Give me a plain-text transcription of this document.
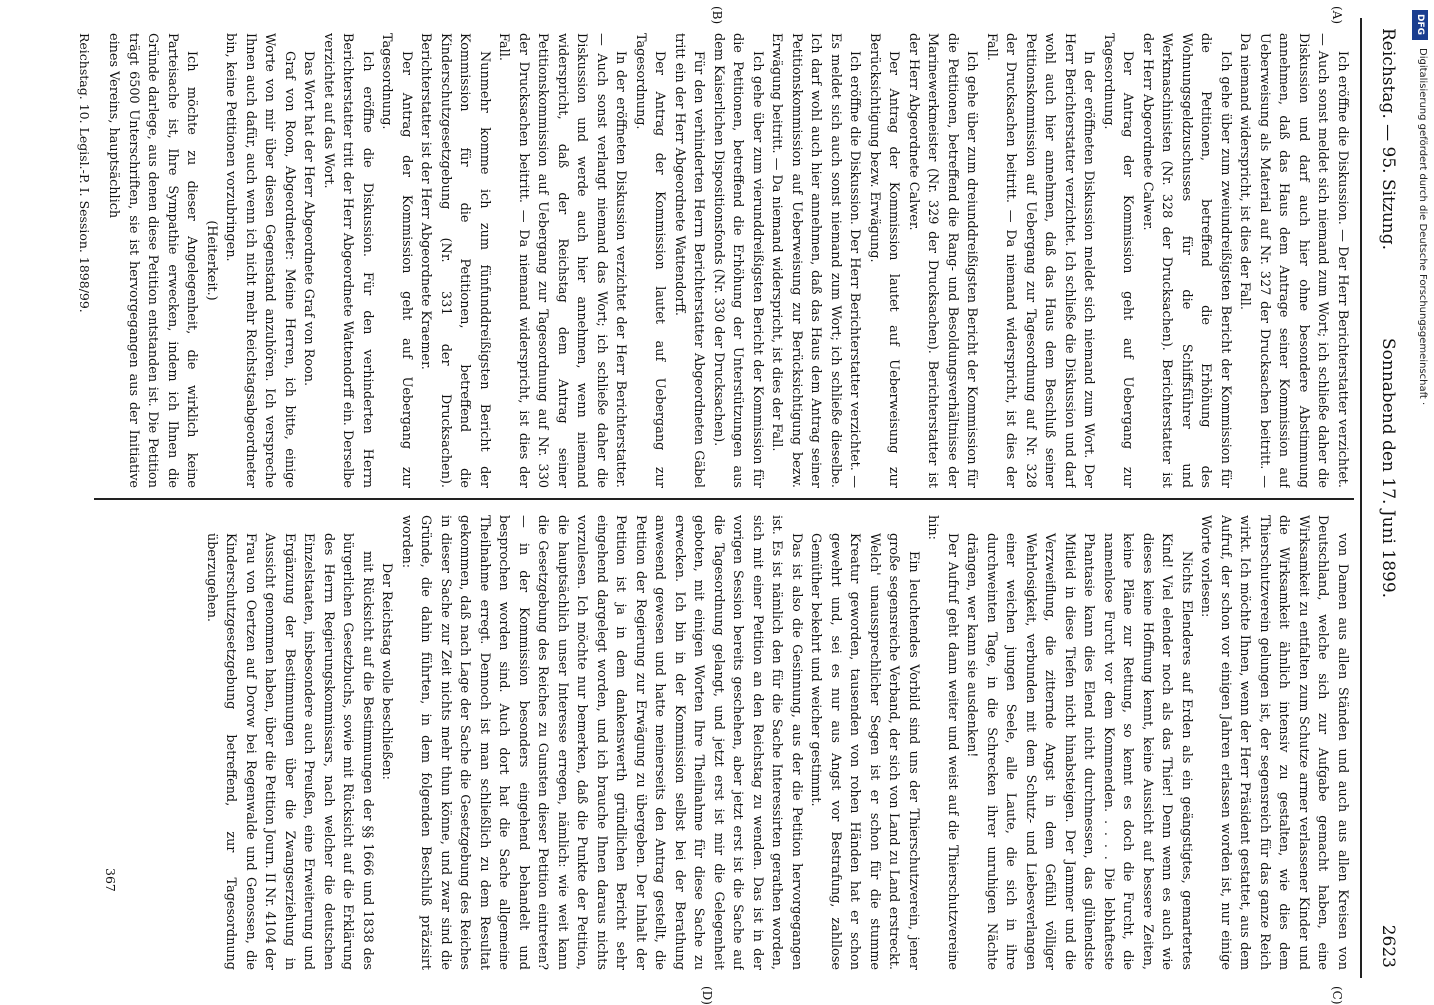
Reichstag. — 95. Sitzung.
Sonnabend den 17. Juni 1899.
2623
(A)
(B)
(C)
(D)

Ich eröffne die Diskussion. — Der Herr Berichterstatter verzichtet. — Auch sonst meldet sich niemand zum Wort; ich schließe daher die Diskussion und darf auch hier ohne besondere Abstimmung annehmen, daß das Haus dem Antrage seiner Kommission auf Ueberweisung als Material auf Nr. 327 der Drucksachen beitritt. — Da niemand widerspricht, ist dies der Fall.

Ich gehe über zum zweiundreißigsten Bericht der Kommission für die Petitionen, betreffend die Erhöhung des Wohnungsgeldzuschusses für die Schiffsführer und Werkmaschinisten (Nr. 328 der Drucksachen). Berichterstatter ist der Herr Abgeordnete Calwer.

Der Antrag der Kommission geht auf Uebergang zur Tagesordnung.

In der eröffneten Diskussion meldet sich niemand zum Wort. Der Herr Berichterstatter verzichtet. Ich schließe die Diskussion und darf wohl auch hier annehmen, daß das Haus dem Beschluß seiner Petitionskommission auf Uebergang zur Tagesordnung auf Nr. 328 der Drucksachen beitritt. — Da niemand widerspricht, ist dies der Fall.

Ich gehe über zum dreiunddreißigsten Bericht der Kommission für die Petitionen, betreffend die Rang- und Besoldungsverhältnisse der Marinewerkmeister (Nr. 329 der Drucksachen). Berichterstatter ist der Herr Abgeordnete Calwer.

Der Antrag der Kommission lautet auf Ueberweisung zur Berücksichtigung bezw. Erwägung.

Ich eröffne die Diskussion. Der Herr Berichterstatter verzichtet. — Es meldet sich auch sonst niemand zum Wort; ich schließe dieselbe. Ich darf wohl auch hier annehmen, daß das Haus dem Antrag seiner Petitionskommission auf Ueberweisung zur Berücksichtigung bezw. Erwägung beitritt. — Da niemand widerspricht, ist dies der Fall.

Ich gehe über zum vierunddreißigsten Bericht der Kommission für die Petitionen, betreffend die Erhöhung der Unterstützungen aus dem Kaiserlichen Dispositionsfonds (Nr. 330 der Drucksachen).

Für den verhinderten Herrn Berichterstatter Abgeordneten Gäbel tritt ein der Herr Abgeordnete Wattendorff.

Der Antrag der Kommission lautet auf Uebergang zur Tagesordnung.

In der eröffneten Diskussion verzichtet der Herr Berichterstatter. — Auch sonst verlangt niemand das Wort; ich schließe daher die Diskussion und werde auch hier annehmen, wenn niemand widerspricht, daß der Reichstag dem Antrag seiner Petitionskommission auf Uebergang zur Tagesordnung auf Nr. 330 der Drucksachen beitritt. — Da niemand widerspricht, ist dies der Fall.

Nunmehr komme ich zum fünfunddreißigsten Bericht der Kommission für die Petitionen, betreffend die Kinderschutzgesetzgebung (Nr. 331 der Drucksachen). Berichterstatter ist der Herr Abgeordnete Kraemer.

Der Antrag der Kommission geht auf Uebergang zur Tagesordnung.

Ich eröffne die Diskussion. Für den verhinderten Herrn Berichterstatter tritt der Herr Abgeordnete Wattendorff ein. Derselbe verzichtet auf das Wort.

Das Wort hat der Herr Abgeordnete Graf von Roon.

Graf von Roon, Abgeordneter: Meine Herren, ich bitte, einige Worte von mir über diesen Gegenstand anzuhören. Ich verspreche Ihnen auch dafür, auch wenn ich nicht mehr Reichstagsabgeordneter bin, keine Petitionen vorzubringen.

(Heiterkeit.)

Ich möchte zu dieser Angelegenheit, die wirklich keine Parteisache ist, Ihre Sympathie erwecken, indem ich Ihnen die Gründe darlege, aus denen diese Petition entstanden ist. Die Petition trägt 6500 Unterschriften, sie ist hervorgegangen aus der Initiative eines Vereins, hauptsächlich

von Damen aus allen Ständen und auch aus allen Kreisen von Deutschland, welche sich zur Aufgabe gemacht haben, eine Wirksamkeit zu entfalten zum Schutze armer verlassener Kinder und die Wirksamkeit ähnlich intensiv zu gestalten, wie dies dem Thierschutzverein gelungen ist, der segensreich für das ganze Reich wirkt. Ich möchte Ihnen, wenn der Herr Präsident gestattet, aus dem Aufruf, der schon vor einigen Jahren erlassen worden ist, nur einige Worte vorlesen:

Nichts Elenderes auf Erden als ein geängstigtes, gemartertes Kind! Viel elender noch als das Thier! Denn wenn es auch wie dieses keine Hoffnung kennt, keine Aussicht auf bessere Zeiten, keine Pläne zur Rettung, so kennt es doch die Furcht, die namenlose Furcht vor dem Kommenden. . . . . Die lebhafteste Phantasie kann dies Elend nicht durchmessen, das glühendste Mitleid in diese Tiefen nicht hinabsteigen. Der Jammer und die Verzweiflung, die zitternde Angst in dem Gefühl völliger Wehrlosigkeit, verbunden mit dem Schutz- und Liebesverlangen einer weichen jungen Seele, alle Laute, die sich in ihre durchweinten Tage, in die Schrecken ihrer unruhigen Nächte drängen, wer kann sie ausdenken!

Der Aufruf geht dann weiter und weist auf die Thierschutzvereine hin:

Ein leuchtendes Vorbild sind uns der Thierschutzverein, jener große segensreiche Verband, der sich von Land zu Land erstreckt. Welch' unaussprechlicher Segen ist er schon für die stumme Kreatur geworden, tausenden von rohen Händen hat er schon gewehrt und, sei es nur aus Angst vor Bestrafung, zahllose Gemüther bekehrt und weicher gestimmt.

Das ist also die Gesinnung, aus der die Petition hervorgegangen ist. Es ist nämlich den für die Sache Interessirten gerathen worden, sich mit einer Petition an den Reichstag zu wenden. Das ist in der vorigen Session bereits geschehen, aber jetzt erst ist die Sache auf die Tagesordnung gelangt, und jetzt erst ist mir die Gelegenheit geboten, mit einigen Worten Ihre Theilnahme für diese Sache zu erwecken. Ich bin in der Kommission selbst bei der Berathung anwesend gewesen und hatte meinerseits den Antrag gestellt, die Petition der Regierung zur Erwägung zu übergeben. Der Inhalt der Petition ist ja in dem dankenswerth gründlichen Bericht sehr eingehend dargelegt worden, und ich brauche Ihnen daraus nichts vorzulesen. Ich möchte nur bemerken, daß die Punkte der Petition, die hauptsächlich unser Interesse erregen, nämlich: wie weit kann die Gesetzgebung des Reiches zu Gunsten dieser Petition eintreten? — in der Kommission besonders eingehend behandelt und besprochen worden sind. Auch dort hat die Sache allgemeine Theilnahme erregt. Dennoch ist man schließlich zu dem Resultat gekommen, daß nach Lage der Sache die Gesetzgebung des Reiches in dieser Sache zur Zeit nichts mehr thun könne, und zwar sind die Gründe, die dahin führten, in dem folgenden Beschluß präzisirt worden:

Der Reichstag wolle beschließen:

mit Rücksicht auf die Bestimmungen der §§ 1666 und 1838 des bürgerlichen Gesetzbuchs, sowie mit Rücksicht auf die Erklärung des Herrn Regierungskommissars, nach welcher die deutschen Einzelstaaten, insbesondere auch Preußen, eine Erweiterung und Ergänzung der Bestimmungen über die Zwangserziehung in Aussicht genommen haben, über die Petition Journ. II Nr. 4104 der Frau von Oertzen auf Dorow bei Regenwalde und Genossen, die Kinderschutzgesetzgebung betreffend, zur Tagesordnung überzugehen.

Reichstag. 10. Legisl.-P. I. Session. 1898/99.
367
DFG
Digitalisierung gefördert durch die Deutsche Forschungsgemeinschaft ·
